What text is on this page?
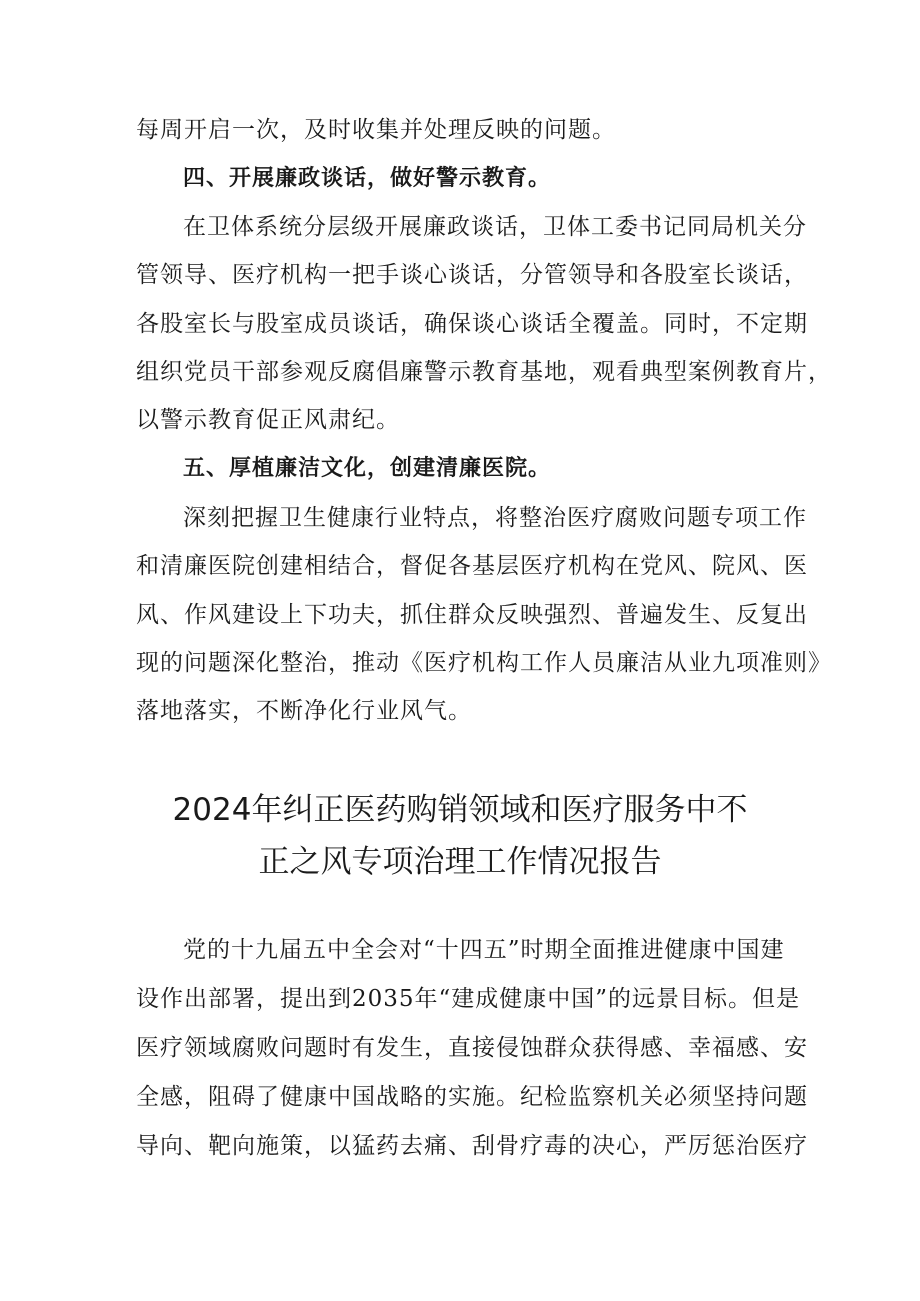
每周开启一次，及时收集并处理反映的问题。
四、开展廉政谈话，做好警示教育。
在卫体系统分层级开展廉政谈话，卫体工委书记同局机关分
管领导、医疗机构一把手谈心谈话，分管领导和各股室长谈话，
各股室长与股室成员谈话，确保谈心谈话全覆盖。同时，不定期
组织党员干部参观反腐倡廉警示教育基地，观看典型案例教育片，
以警示教育促正风肃纪。
五、厚植廉洁文化，创建清廉医院。
深刻把握卫生健康行业特点，将整治医疗腐败问题专项工作
和清廉医院创建相结合，督促各基层医疗机构在党风、院风、医
风、作风建设上下功夫，抓住群众反映强烈、普遍发生、反复出
现的问题深化整治，推动《医疗机构工作人员廉洁从业九项准则》
落地落实，不断净化行业风气。
2024年纠正医药购销领域和医疗服务中不
正之风专项治理工作情况报告
党的十九届五中全会对“十四五”时期全面推进健康中国建
设作出部署，提出到2035年“建成健康中国”的远景目标。但是
医疗领域腐败问题时有发生，直接侵蚀群众获得感、幸福感、安
全感，阻碍了健康中国战略的实施。纪检监察机关必须坚持问题
导向、靶向施策，以猛药去痛、刮骨疗毒的决心，严厉惩治医疗
